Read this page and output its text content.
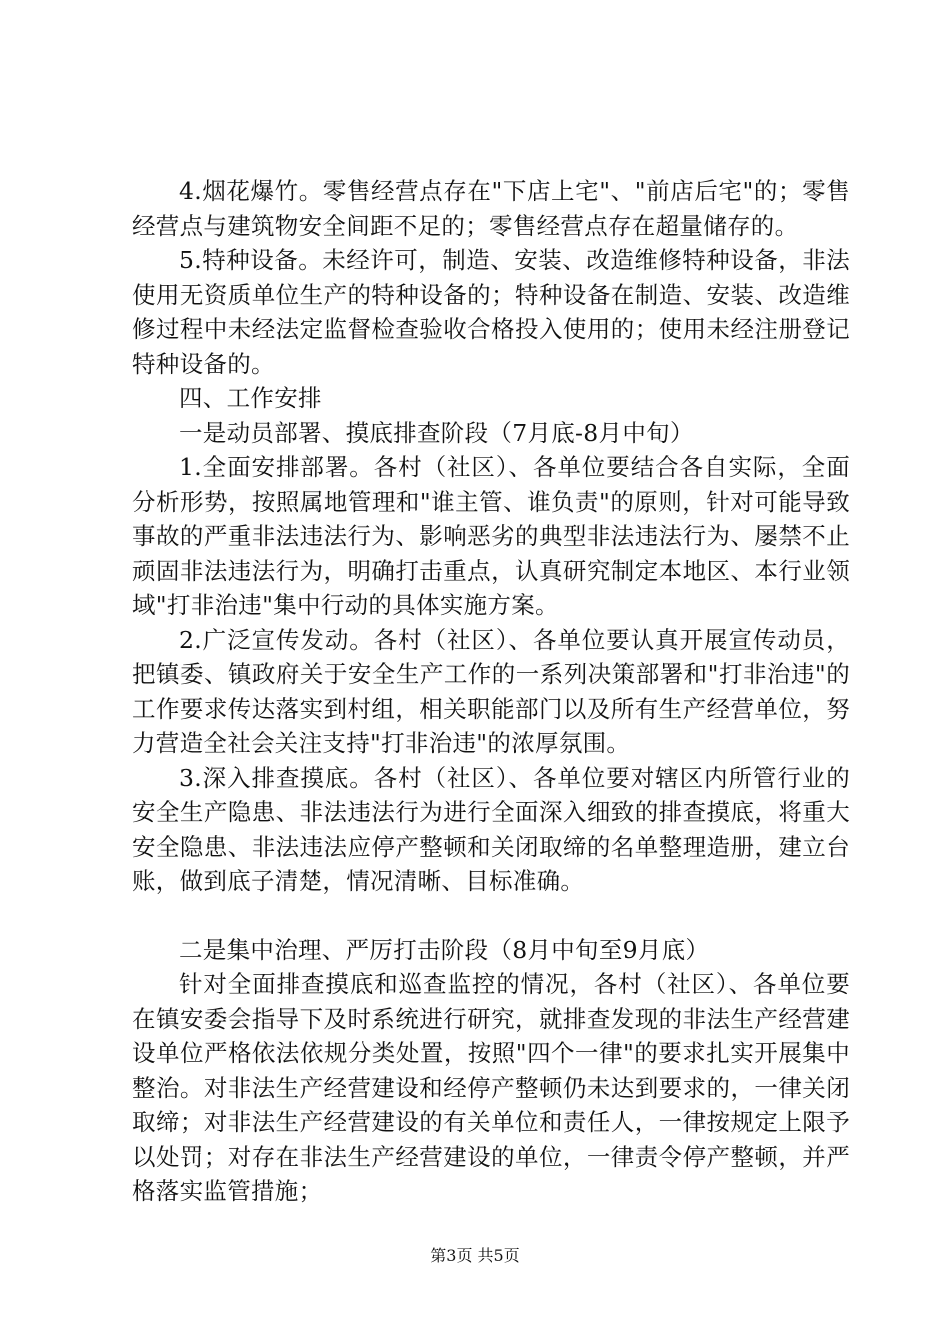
4.烟花爆竹。零售经营点存在"下店上宅"、"前店后宅"的；零售经营点与建筑物安全间距不足的；零售经营点存在超量储存的。

5.特种设备。未经许可，制造、安装、改造维修特种设备，非法使用无资质单位生产的特种设备的；特种设备在制造、安装、改造维修过程中未经法定监督检查验收合格投入使用的；使用未经注册登记特种设备的。

四、工作安排

一是动员部署、摸底排查阶段（7月底-8月中旬）

1.全面安排部署。各村（社区）、各单位要结合各自实际，全面分析形势，按照属地管理和"谁主管、谁负责"的原则，针对可能导致事故的严重非法违法行为、影响恶劣的典型非法违法行为、屡禁不止顽固非法违法行为，明确打击重点，认真研究制定本地区、本行业领域"打非治违"集中行动的具体实施方案。

2.广泛宣传发动。各村（社区）、各单位要认真开展宣传动员，把镇委、镇政府关于安全生产工作的一系列决策部署和"打非治违"的工作要求传达落实到村组，相关职能部门以及所有生产经营单位，努力营造全社会关注支持"打非治违"的浓厚氛围。

3.深入排查摸底。各村（社区）、各单位要对辖区内所管行业的安全生产隐患、非法违法行为进行全面深入细致的排查摸底，将重大安全隐患、非法违法应停产整顿和关闭取缔的名单整理造册，建立台账，做到底子清楚，情况清晰、目标准确。

二是集中治理、严厉打击阶段（8月中旬至9月底）

针对全面排查摸底和巡查监控的情况，各村（社区）、各单位要在镇安委会指导下及时系统进行研究，就排查发现的非法生产经营建设单位严格依法依规分类处置，按照"四个一律"的要求扎实开展集中整治。对非法生产经营建设和经停产整顿仍未达到要求的，一律关闭取缔；对非法生产经营建设的有关单位和责任人，一律按规定上限予以处罚；对存在非法生产经营建设的单位，一律责令停产整顿，并严格落实监管措施；

第3页 共5页
